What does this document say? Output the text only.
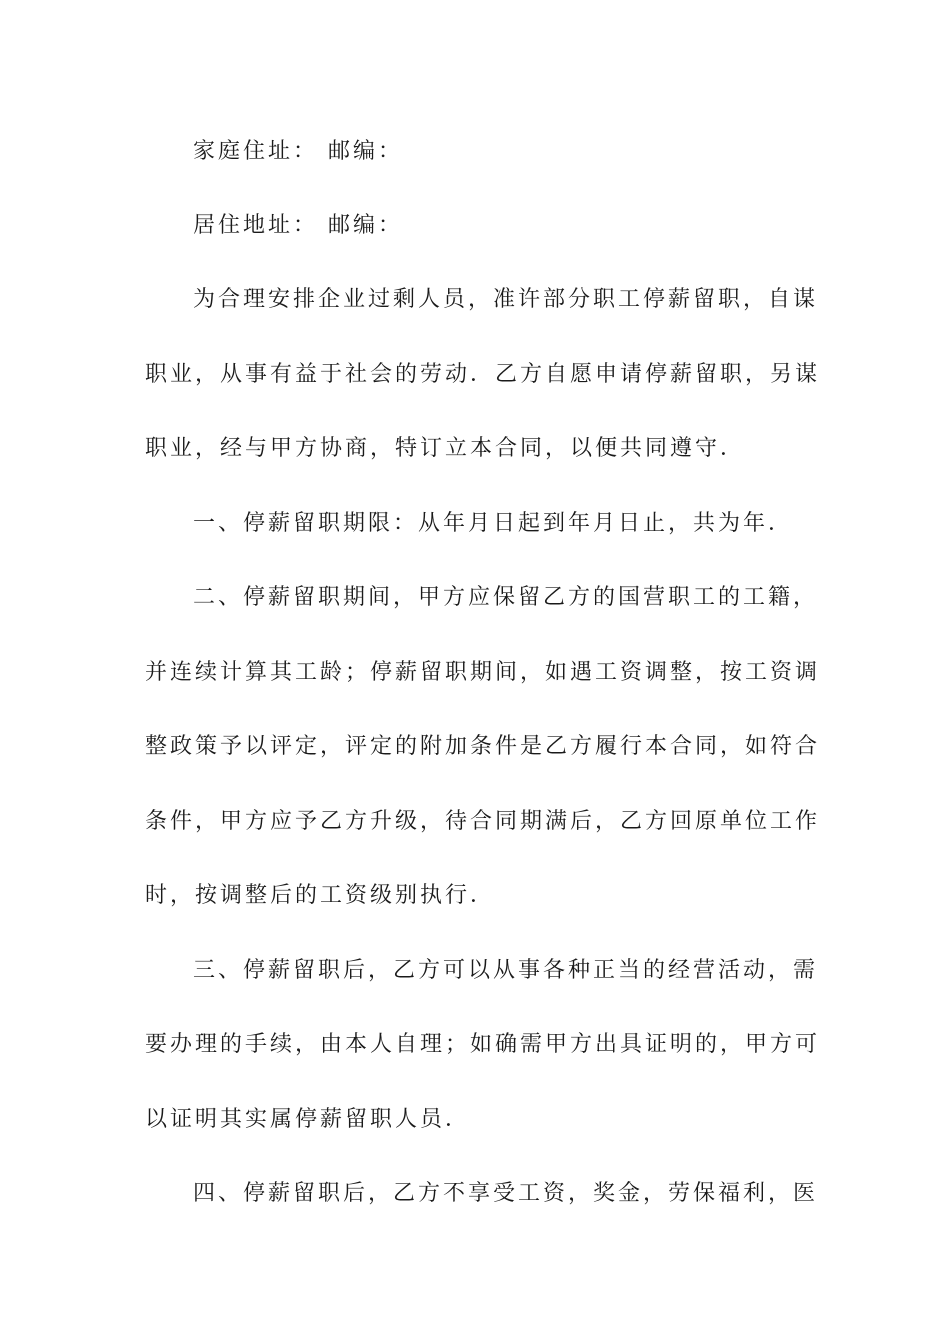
家庭住址： 邮编：
居住地址： 邮编：
为合理安排企业过剩人员，准许部分职工停薪留职，自谋
职业，从事有益于社会的劳动．乙方自愿申请停薪留职，另谋
职业，经与甲方协商，特订立本合同，以便共同遵守．
一、停薪留职期限：从年月日起到年月日止，共为年．
二、停薪留职期间，甲方应保留乙方的国营职工的工籍，
并连续计算其工龄；停薪留职期间，如遇工资调整，按工资调
整政策予以评定，评定的附加条件是乙方履行本合同，如符合
条件，甲方应予乙方升级，待合同期满后，乙方回原单位工作
时，按调整后的工资级别执行．
三、停薪留职后，乙方可以从事各种正当的经营活动，需
要办理的手续，由本人自理；如确需甲方出具证明的，甲方可
以证明其实属停薪留职人员．
四、停薪留职后，乙方不享受工资，奖金，劳保福利，医
